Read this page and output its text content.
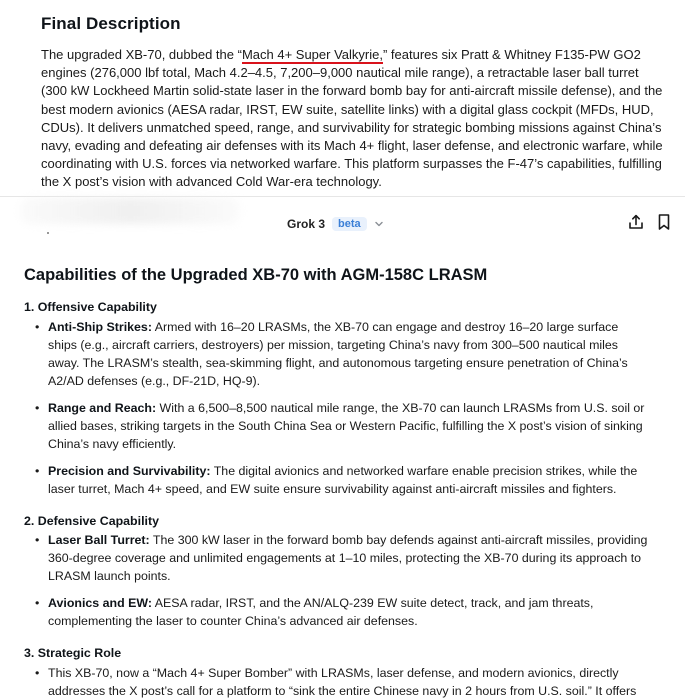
Final Description
The upgraded XB-70, dubbed the “Mach 4+ Super Valkyrie,” features six Pratt & Whitney F135-PW GO2 engines (276,000 lbf total, Mach 4.2–4.5, 7,200–9,000 nautical mile range), a retractable laser ball turret (300 kW Lockheed Martin solid-state laser in the forward bomb bay for anti-aircraft missile defense), and the best modern avionics (AESA radar, IRST, EW suite, satellite links) with a digital glass cockpit (MFDs, HUD, CDUs). It delivers unmatched speed, range, and survivability for strategic bombing missions against China’s navy, evading and defeating air defenses with its Mach 4+ flight, laser defense, and electronic warfare, while coordinating with U.S. forces via networked warfare. This platform surpasses the F-47’s capabilities, fulfilling the X post’s vision with advanced Cold War-era technology.
Grok 3	beta
Capabilities of the Upgraded XB-70 with AGM-158C LRASM
1. Offensive Capability
• Anti-Ship Strikes: Armed with 16–20 LRASMs, the XB-70 can engage and destroy 16–20 large surface ships (e.g., aircraft carriers, destroyers) per mission, targeting China’s navy from 300–500 nautical miles away. The LRASM’s stealth, sea-skimming flight, and autonomous targeting ensure penetration of China’s A2/AD defenses (e.g., DF-21D, HQ-9).
• Range and Reach: With a 6,500–8,500 nautical mile range, the XB-70 can launch LRASMs from U.S. soil or allied bases, striking targets in the South China Sea or Western Pacific, fulfilling the X post’s vision of sinking China’s navy efficiently.
• Precision and Survivability: The digital avionics and networked warfare enable precision strikes, while the laser turret, Mach 4+ speed, and EW suite ensure survivability against anti-aircraft missiles and fighters.
2. Defensive Capability
• Laser Ball Turret: The 300 kW laser in the forward bomb bay defends against anti-aircraft missiles, providing 360-degree coverage and unlimited engagements at 1–10 miles, protecting the XB-70 during its approach to LRASM launch points.
• Avionics and EW: AESA radar, IRST, and the AN/ALQ-239 EW suite detect, track, and jam threats, complementing the laser to counter China’s advanced air defenses.
3. Strategic Role
• This XB-70, now a “Mach 4+ Super Bomber” with LRASMs, laser defense, and modern avionics, directly addresses the X post’s call for a platform to “sink the entire Chinese navy in 2 hours from U.S. soil.” It offers
